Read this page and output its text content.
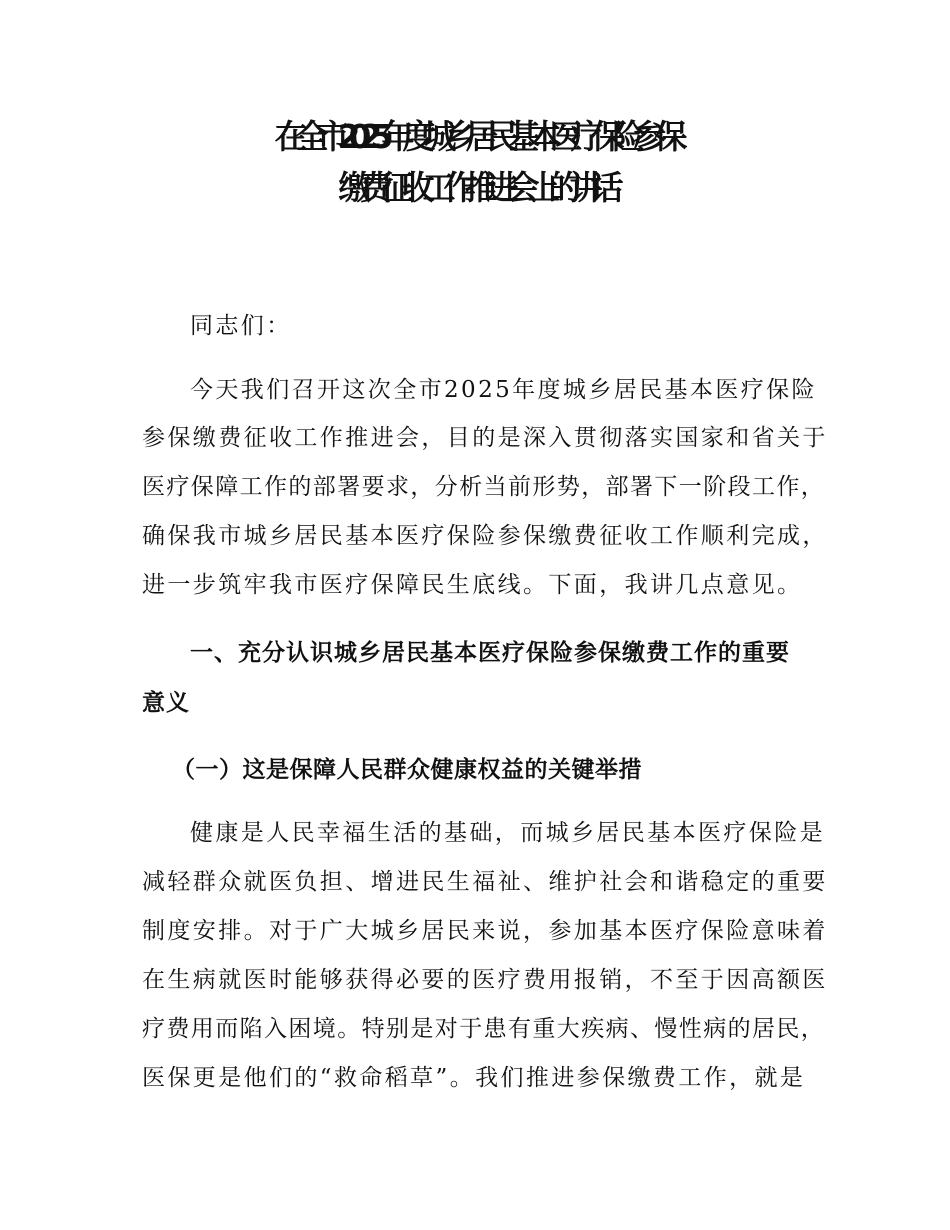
在全市2025年度城乡居民基本医疗保险参保
缴费征收工作推进会上的讲话
同志们：
今天我们召开这次全市2025年度城乡居民基本医疗保险
参保缴费征收工作推进会，目的是深入贯彻落实国家和省关于
医疗保障工作的部署要求，分析当前形势，部署下一阶段工作，
确保我市城乡居民基本医疗保险参保缴费征收工作顺利完成，
进一步筑牢我市医疗保障民生底线。下面，我讲几点意见。
一、充分认识城乡居民基本医疗保险参保缴费工作的重要
意义
（一）这是保障人民群众健康权益的关键举措
健康是人民幸福生活的基础，而城乡居民基本医疗保险是
减轻群众就医负担、增进民生福祉、维护社会和谐稳定的重要
制度安排。对于广大城乡居民来说，参加基本医疗保险意味着
在生病就医时能够获得必要的医疗费用报销，不至于因高额医
疗费用而陷入困境。特别是对于患有重大疾病、慢性病的居民，
医保更是他们的“救命稻草”。我们推进参保缴费工作，就是
